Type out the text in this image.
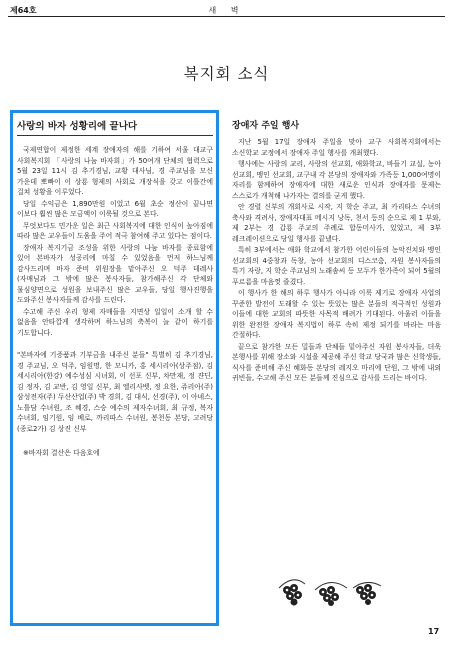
제64호	새 벽
복지회 소식
사랑의 바자 성황리에 끝나다

국제연합이 제정한 세계 장애자의 해를 기하여 서울 대교구 사회복지회 「사랑의 나눔 바자회」가 50여개 단체의 협력으로 5월 23일 11시 김 추기경님, 교황 대사님, 경 주교님을 모신 가운데 뽀빠이 이 상룡 형제의 사회로 개장식을 갖고 이틀간에 걸쳐 성황을 이루었다.

당일 수익금은 1,890만원 이었고 6월 초순 정산이 끝나면 이보다 훨씬 많은 모금액이 이룩될 것으로 본다.

무엇보다도 민가운 일은 최근 사회복지에 대한 인식이 높아짐에 따라 많은 교우들이 도움을 주어 적극 참여해 주고 있다는 점이다.

장애자 복지기금 조성을 위한 사랑의 나눔 바자를 종료함에 있어 본바자가 성공리에 마칠 수 있었음을 먼저 하느님께 감사드리며 바자 준비 위원장을 맡아주신 오 덕주 데레사(자매님과 그 밖에 많은 봉사자들, 참가해주신 각 단체와 물심양면으로 성원을 보내주신 많은 교우들, 당일 행사진행을 도와주신 봉사자들께 감사를 드린다.

수고해 주신 우리 형제 자매들을 지면상 일일이 소개 할 수 없음을 안타깝게 생각하며 하느님의 축복이 늘 같이 하기를 기도합니다.

"본바자에 기증품과 기부금을 내주신 분들" 특별히 김 추기경님, 경 주교님, 오 덕주, 임원명, 한 모니카, 홍 세시리아(상주점), 김 세시리아(한강) 예수성심 시녀회, 이 선포 신부, 차만재, 정 쟌딘, 김 정자, 김 교반, 김 영일 신부, 최 엘리사벳, 정 요한, 쥬리아(주) 삼성전자(주) 두산산업(주) 박 경희, 김 대식, 선경(주), 이 아녜스, 노틀담 수녀원, 조 혜경, 스승 예수의 제자수녀회, 최 규정, 복자 수녀회, 임기원, 임 베로, 까리따스 수녀원, 봉천동 본당, 고려당(종로2가) 김 상진 신부

※바자회 결산은 다음호에
장애자 주일 행사

지난 5월 17일 장애자 주일을 맞아 교구 사회복지회에서는 소신학교 교정에서 장애자 주일 행사를 개최했다.

행사에는 사랑의 교리, 사랑의 선교회, 애화학교, 바들기 교실, 농아 선교회, 맹인 선교회, 교구내 각 본당의 장애자와 가족등 1,000여명이 자리를 함께하여 장애자에 대한 새로운 인식과 장애자를 문제는 스스로가 개척해 나가자는 결의를 굳게 했다.

안 경렬 신부의 개회사로 시작, 지 학순 주교, 최 카리타스 수녀의 축사와 격려사, 장애자대표 메시지 낭독, 천서 등의 순으로 제 1 부와, 제 2부는 경 갑룡 주교의 주례로 합동미사가, 있었고, 제 3부 레크레이션으로 당일 행사를 끝냈다.

특히 3부에서는 애화 학교에서 참가한 어린이들의 농악진치와 맹인 선교회의 4중창과 독창, 농아 선교회의 디스코춤, 자원 봉사자들의 특기 자랑, 지 학순 주교님의 노래솜씨 등 모두가 한가족이 되어 5월의 푸르름을 마음껏 즐겼다.

이 행사가 한 해의 하루 행사가 아니라 이룩 제기로 장애자 사업의 꾸준한 발전이 도래할 수 있는 뜻있는 많은 분들의 적극적인 성원과 이들에 대한 교회의 따뜻한 사목적 배려가 기대된다. 아울러 이들을 위한 완전한 장애자 복지법이 하루 속히 제정 되기를 바라는 마음 간절하다.

끝으로 참가한 모든 밀들과 단체들 밑아주신 자원 봉사자들, 더욱 본행사를 위해 장소와 시설을 제공해 주신 학교 당국과 많은 신학생들, 식사를 준비해 주신 혜화동 본당의 레지오 마리에 단원, 그 밖에 내외 귀빈들, 수고해 주신 모든 분들께 진심으로 감사를 드리는 바이다.

17
